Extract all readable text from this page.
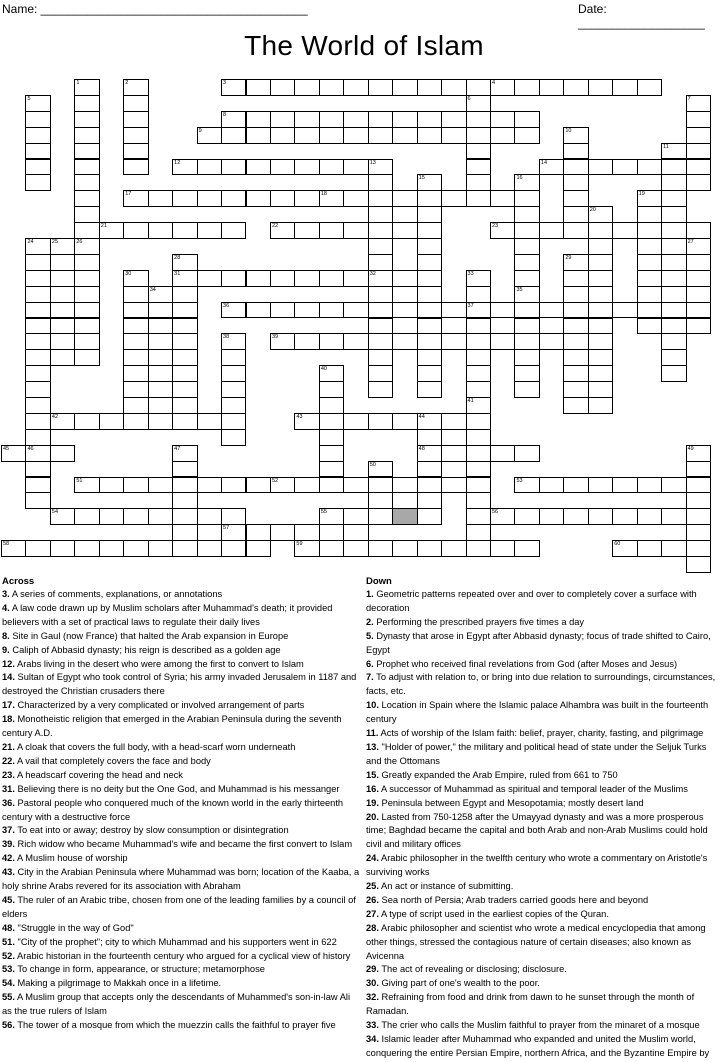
Name: ________________________________________	Date: ___________________
The World of Islam
1
26
2	3	4
5	6	7
8
9	10
11
12	13
32
14
15	16
35
17	18	19
20
21	22	23
24
46
25	27
28
31
29
30	33
37
41
34
36
38	39
40
42	43	44
48
45	47	49
50
51	52	53
54	55	56
57
58	59	60
Across
3. A series of comments, explanations, or annotations
4. A law code drawn up by Muslim scholars after Muhammad's death; it provided believers with a set of practical laws to regulate their daily lives
8. Site in Gaul (now France) that halted the Arab expansion in Europe
9. Caliph of Abbasid dynasty; his reign is described as a golden age
12. Arabs living in the desert who were among the first to convert to Islam
14. Sultan of Egypt who took control of Syria; his army invaded Jerusalem in 1187 and destroyed the Christian crusaders there
17. Characterized by a very complicated or involved arrangement of parts
18. Monotheistic religion that emerged in the Arabian Peninsula during the seventh century A.D.
21. A cloak that covers the full body, with a head-scarf worn underneath
22. A vail that completely covers the face and body
23. A headscarf covering the head and neck
31. Believing there is no deity but the One God, and Muhammad is his messanger
36. Pastoral people who conquered much of the known world in the early thirteenth century with a destructive force
37. To eat into or away; destroy by slow consumption or disintegration
39. Rich widow who became Muhammad's wife and became the first convert to Islam
42. A Muslim house of worship
43. City in the Arabian Peninsula where Muhammad was born; location of the Kaaba, a holy shrine Arabs revered for its association with Abraham
45. The ruler of an Arabic tribe, chosen from one of the leading families by a council of elders
48. "Struggle in the way of God"
51. "City of the prophet"; city to which Muhammad and his supporters went in 622
52. Arabic historian in the fourteenth century who argued for a cyclical view of history
53. To change in form, appearance, or structure; metamorphose
54. Making a pilgrimage to Makkah once in a lifetime.
55. A Muslim group that accepts only the descendants of Muhammed's son-in-law Ali as the true rulers of Islam
56. The tower of a mosque from which the muezzin calls the faithful to prayer five
Down
1. Geometric patterns repeated over and over to completely cover a surface with decoration
2. Performing the prescribed prayers five times a day
5. Dynasty that arose in Egypt after Abbasid dynasty; focus of trade shifted to Cairo, Egypt
6. Prophet who received final revelations from God (after Moses and Jesus)
7. To adjust with relation to, or bring into due relation to surroundings, circumstances, facts, etc.
10. Location in Spain where the Islamic palace Alhambra was built in the fourteenth century
11. Acts of worship of the Islam faith: belief, prayer, charity, fasting, and pilgrimage
13. "Holder of power," the military and political head of state under the Seljuk Turks and the Ottomans
15. Greatly expanded the Arab Empire, ruled from 661 to 750
16. A successor of Muhammad as spiritual and temporal leader of the Muslims
19. Peninsula between Egypt and Mesopotamia; mostly desert land
20. Lasted from 750-1258 after the Umayyad dynasty and was a more prosperous time; Baghdad became the capital and both Arab and non-Arab Muslims could hold civil and military offices
24. Arabic philosopher in the twelfth century who wrote a commentary on Aristotle's surviving works
25. An act or instance of submitting.
26. Sea north of Persia; Arab traders carried goods here and beyond
27. A type of script used in the earliest copies of the Quran.
28. Arabic philosopher and scientist who wrote a medical encyclopedia that among other things, stressed the contagious nature of certain diseases; also known as Avicenna
29. The act of revealing or disclosing; disclosure.
30. Giving part of one's wealth to the poor.
32. Refraining from food and drink from dawn to he sunset through the month of Ramadan.
33. The crier who calls the Muslim faithful to prayer from the minaret of a mosque
34. Islamic leader after Muhammad who expanded and united the Muslim world, conquering the entire Persian Empire, northern Africa, and the Byzantine Empire by
